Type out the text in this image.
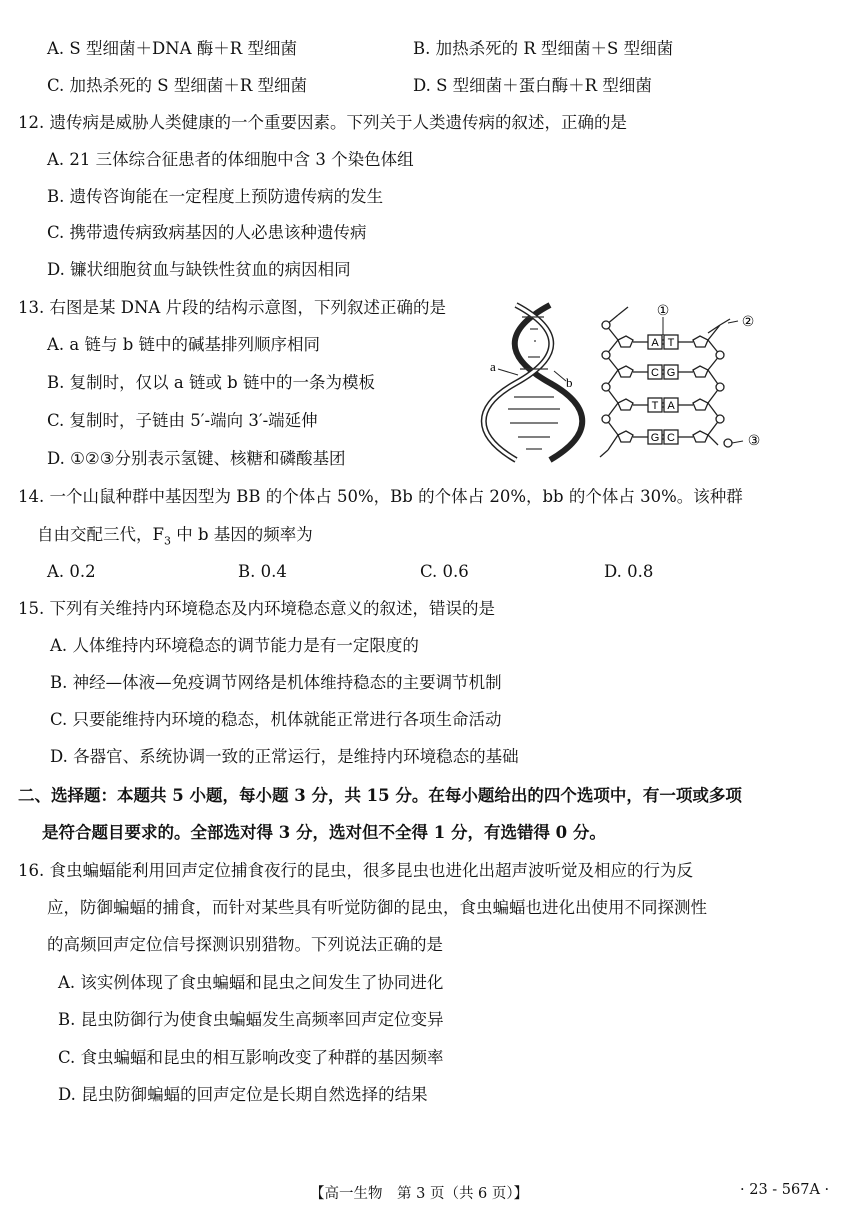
A. S 型细菌＋DNA 酶＋R 型细菌	B. 加热杀死的 R 型细菌＋S 型细菌
C. 加热杀死的 S 型细菌＋R 型细菌	D. S 型细菌＋蛋白酶＋R 型细菌
12. 遗传病是威胁人类健康的一个重要因素。下列关于人类遗传病的叙述，正确的是
A. 21 三体综合征患者的体细胞中含 3 个染色体组
B. 遗传咨询能在一定程度上预防遗传病的发生
C. 携带遗传病致病基因的人必患该种遗传病
D. 镰状细胞贫血与缺铁性贫血的病因相同
13. 右图是某 DNA 片段的结构示意图，下列叙述正确的是
A. a 链与 b 链中的碱基排列顺序相同
B. 复制时，仅以 a 链或 b 链中的一条为模板
C. 复制时，子链由 5′-端向 3′-端延伸
D. ①②③分别表示氢键、核糖和磷酸基团
a
b
A T
C G
T A
G C
①
②
③
14. 一个山鼠种群中基因型为 BB 的个体占 50%，Bb 的个体占 20%，bb 的个体占 30%。该种群
自由交配三代，$F_3$ 中 b 基因的频率为
A. 0.2	B. 0.4	C. 0.6	D. 0.8
15. 下列有关维持内环境稳态及内环境稳态意义的叙述，错误的是
A. 人体维持内环境稳态的调节能力是有一定限度的
B. 神经—体液—免疫调节网络是机体维持稳态的主要调节机制
C. 只要能维持内环境的稳态，机体就能正常进行各项生命活动
D. 各器官、系统协调一致的正常运行，是维持内环境稳态的基础
二、选择题：本题共 5 小题，每小题 3 分，共 15 分。在每小题给出的四个选项中，有一项或多项
是符合题目要求的。全部选对得 3 分，选对但不全得 1 分，有选错得 0 分。
16. 食虫蝙蝠能利用回声定位捕食夜行的昆虫，很多昆虫也进化出超声波听觉及相应的行为反
应，防御蝙蝠的捕食，而针对某些具有听觉防御的昆虫，食虫蝙蝠也进化出使用不同探测性
的高频回声定位信号探测识别猎物。下列说法正确的是
A. 该实例体现了食虫蝙蝠和昆虫之间发生了协同进化
B. 昆虫防御行为使食虫蝙蝠发生高频率回声定位变异
C. 食虫蝙蝠和昆虫的相互影响改变了种群的基因频率
D. 昆虫防御蝙蝠的回声定位是长期自然选择的结果
【高一生物　第 3 页（共 6 页）】	· 23 - 567A ·
